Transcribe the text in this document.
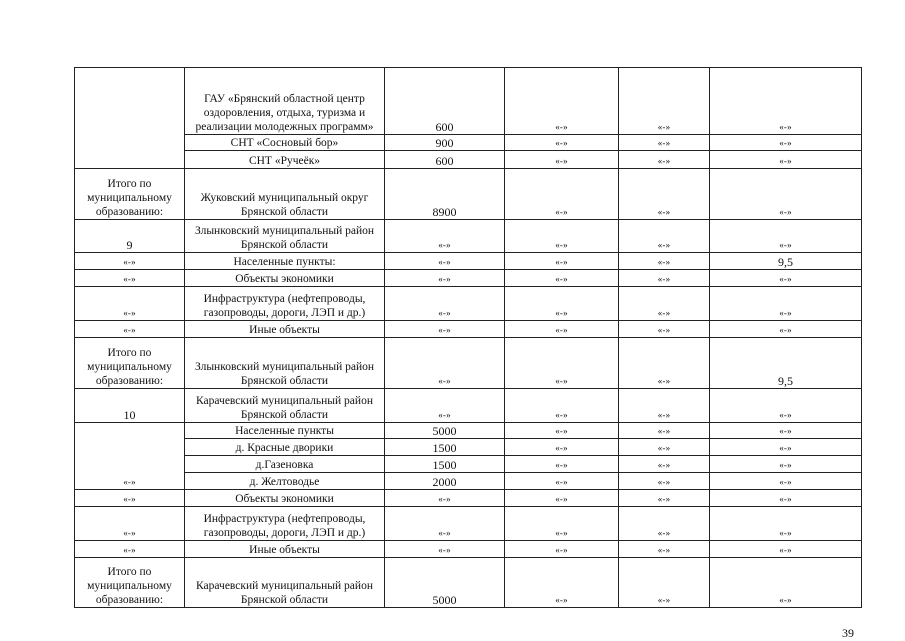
	ГАУ «Брянский областной центр оздоровления, отдыха, туризма и реализации молодежных программ»	600	«-»	«-»	«-»
	СНТ «Сосновый бор»	900	«-»	«-»	«-»
	СНТ «Ручеёк»	600	«-»	«-»	«-»
Итого по муниципальному образованию:	Жуковский муниципальный округ Брянской области	8900	«-»	«-»	«-»
9	Злынковский муниципальный район Брянской области	«-»	«-»	«-»	«-»
«-»	Населенные пункты:	«-»	«-»	«-»	9,5
«-»	Объекты экономики	«-»	«-»	«-»	«-»
«-»	Инфраструктура (нефтепроводы, газопроводы, дороги, ЛЭП и др.)	«-»	«-»	«-»	«-»
«-»	Иные объекты	«-»	«-»	«-»	«-»
Итого по муниципальному образованию:	Злынковский муниципальный район Брянской области	«-»	«-»	«-»	9,5
10	Карачевский муниципальный район Брянской области	«-»	«-»	«-»	«-»
«-»	Населенные пункты	5000	«-»	«-»	«-»
	д. Красные дворики	1500	«-»	«-»	«-»
	д.Газеновка	1500	«-»	«-»	«-»
	д. Желтоводье	2000	«-»	«-»	«-»
«-»	Объекты экономики	«-»	«-»	«-»	«-»
«-»	Инфраструктура (нефтепроводы, газопроводы, дороги, ЛЭП и др.)	«-»	«-»	«-»	«-»
«-»	Иные объекты	«-»	«-»	«-»	«-»
Итого по муниципальному образованию:	Карачевский муниципальный район Брянской области	5000	«-»	«-»	«-»
39
